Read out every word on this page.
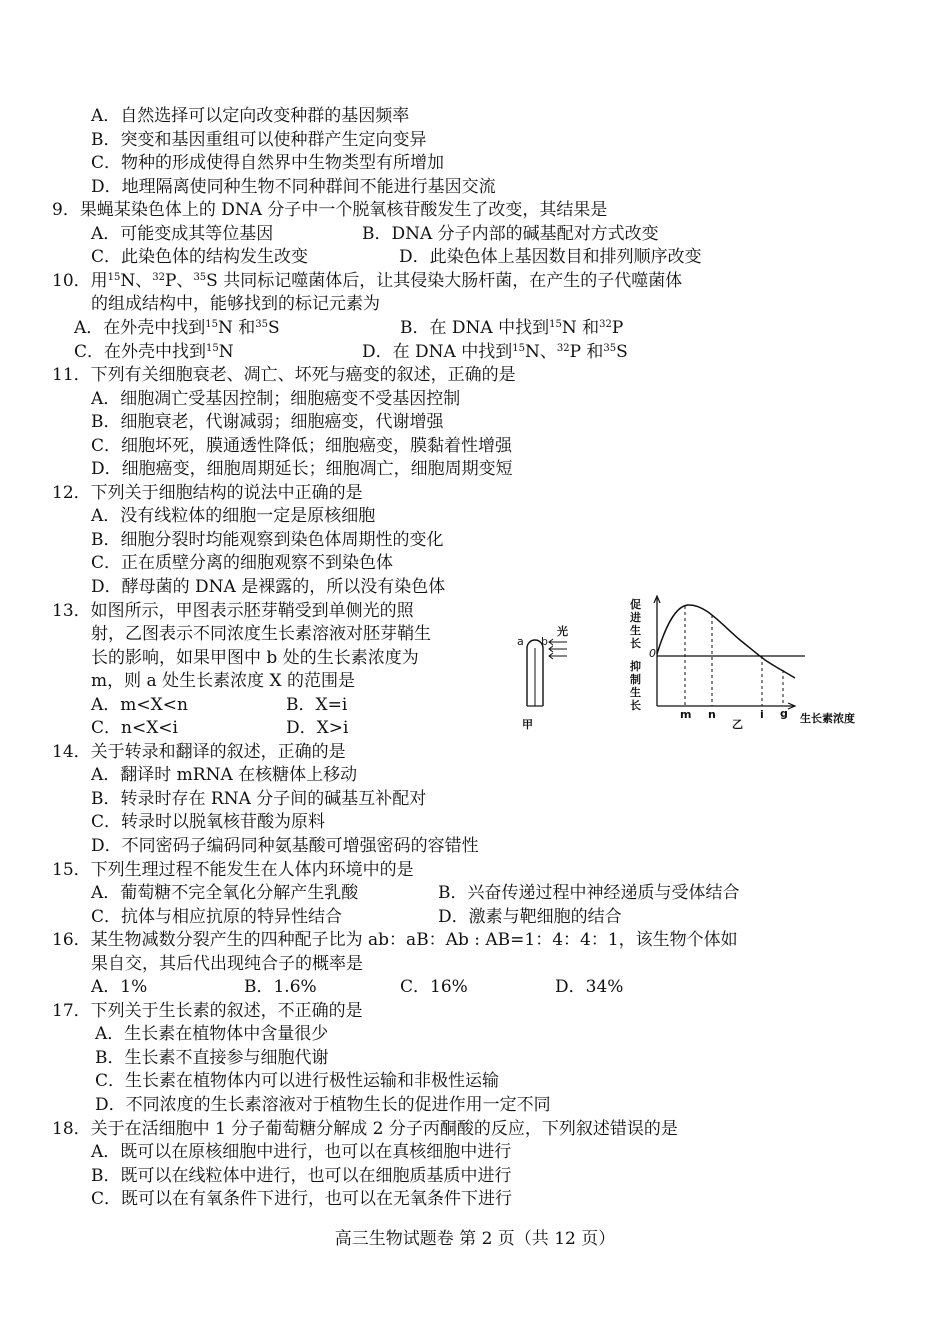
A．自然选择可以定向改变种群的基因频率
B．突变和基因重组可以使种群产生定向变异
C．物种的形成使得自然界中生物类型有所增加
D．地理隔离使同种生物不同种群间不能进行基因交流
9．果蝇某染色体上的 DNA 分子中一个脱氧核苷酸发生了改变，其结果是
A．可能变成其等位基因	B．DNA 分子内部的碱基配对方式改变
C．此染色体的结构发生改变	D．此染色体上基因数目和排列顺序改变
10．用$^{15}$N、$^{32}$P、$^{35}$S 共同标记噬菌体后，让其侵染大肠杆菌，在产生的子代噬菌体
的组成结构中，能够找到的标记元素为
A．在外壳中找到$^{15}$N 和$^{35}$S	B．在 DNA 中找到$^{15}$N 和$^{32}$P
C．在外壳中找到$^{15}$N	D．在 DNA 中找到$^{15}$N、$^{32}$P 和$^{35}$S
11．下列有关细胞衰老、凋亡、坏死与癌变的叙述，正确的是
A．细胞凋亡受基因控制；细胞癌变不受基因控制
B．细胞衰老，代谢减弱；细胞癌变，代谢增强
C．细胞坏死，膜通透性降低；细胞癌变，膜黏着性增强
D．细胞癌变，细胞周期延长；细胞凋亡，细胞周期变短
12．下列关于细胞结构的说法中正确的是
A．没有线粒体的细胞一定是原核细胞
B．细胞分裂时均能观察到染色体周期性的变化
C．正在质壁分离的细胞观察不到染色体
D．酵母菌的 DNA 是裸露的，所以没有染色体
13．如图所示，甲图表示胚芽鞘受到单侧光的照
射，乙图表示不同浓度生长素溶液对胚芽鞘生
长的影响，如果甲图中 b 处的生长素浓度为
m，则 a 处生长素浓度 X 的范围是
A．m<X<n	B．X=i
C．n<X<i	D．X>i
a b
光
甲
促进生长
抑制生长
0
m n	i g
乙	生长素浓度
14．关于转录和翻译的叙述，正确的是
A．翻译时 mRNA 在核糖体上移动
B．转录时存在 RNA 分子间的碱基互补配对
C．转录时以脱氧核苷酸为原料
D．不同密码子编码同种氨基酸可增强密码的容错性
15．下列生理过程不能发生在人体内环境中的是
A．葡萄糖不完全氧化分解产生乳酸	B．兴奋传递过程中神经递质与受体结合
C．抗体与相应抗原的特异性结合	D．激素与靶细胞的结合
16．某生物减数分裂产生的四种配子比为 ab：aB：Ab : AB=1：4：4：1，该生物个体如
果自交，其后代出现纯合子的概率是
A．1%	B．1.6%	C．16%	D．34%
17．下列关于生长素的叙述，不正确的是
A．生长素在植物体中含量很少
B．生长素不直接参与细胞代谢
C．生长素在植物体内可以进行极性运输和非极性运输
D．不同浓度的生长素溶液对于植物生长的促进作用一定不同
18．关于在活细胞中 1 分子葡萄糖分解成 2 分子丙酮酸的反应，下列叙述错误的是
A．既可以在原核细胞中进行，也可以在真核细胞中进行
B．既可以在线粒体中进行，也可以在细胞质基质中进行
C．既可以在有氧条件下进行，也可以在无氧条件下进行
高三生物试题卷 第 2 页（共 12 页）
